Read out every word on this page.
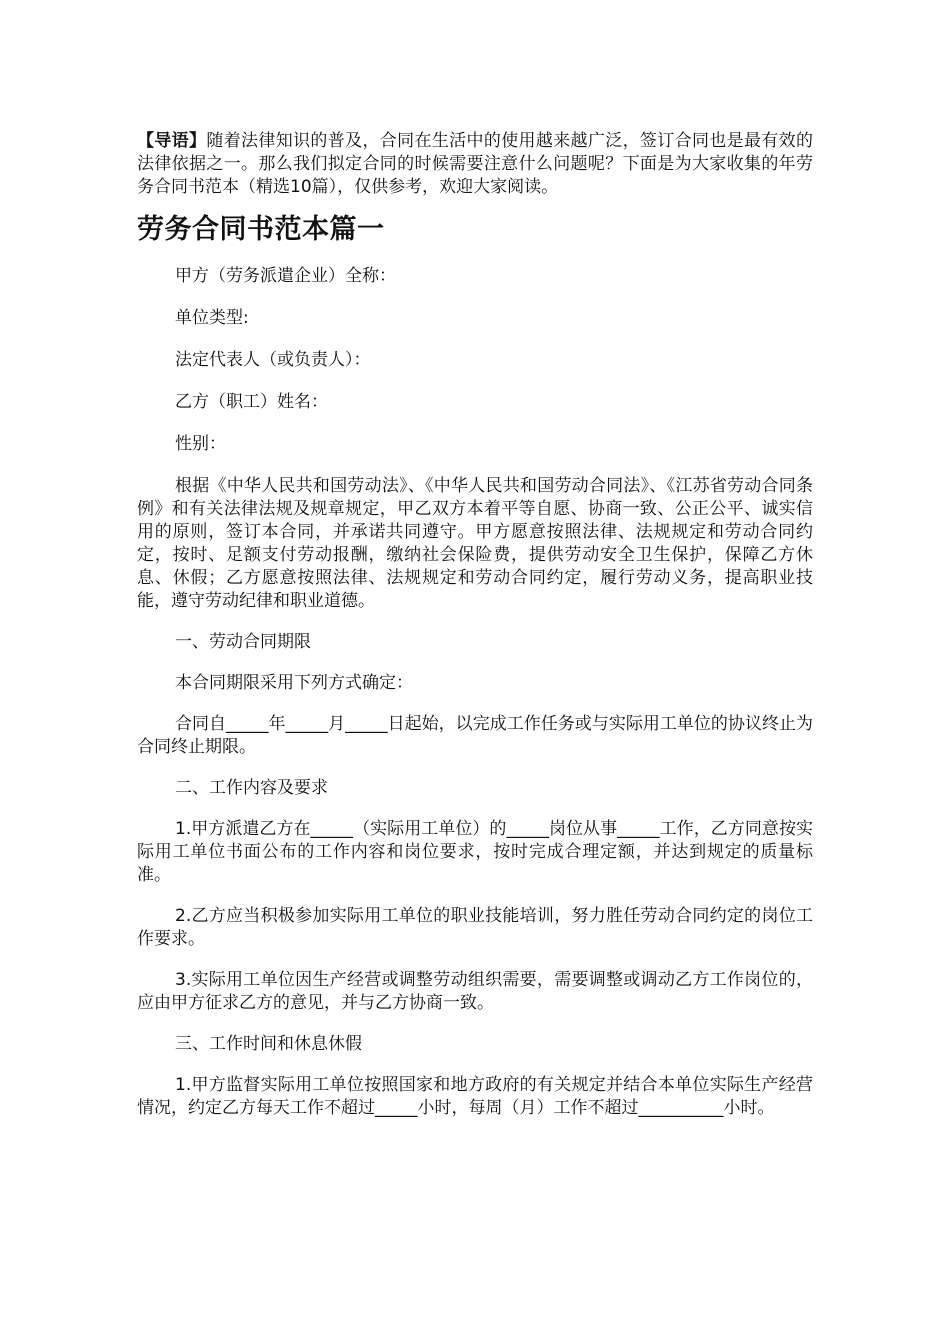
【导语】随着法律知识的普及，合同在生活中的使用越来越广泛，签订合同也是最有效的法律依据之一。那么我们拟定合同的时候需要注意什么问题呢？下面是为大家收集的年劳务合同书范本（精选10篇），仅供参考，欢迎大家阅读。

劳务合同书范本篇一

甲方（劳务派遣企业）全称：

单位类型:

法定代表人（或负责人）：

乙方（职工）姓名：

性别：

根据《中华人民共和国劳动法》、《中华人民共和国劳动合同法》、《江苏省劳动合同条例》和有关法律法规及规章规定，甲乙双方本着平等自愿、协商一致、公正公平、诚实信用的原则，签订本合同，并承诺共同遵守。甲方愿意按照法律、法规规定和劳动合同约定，按时、足额支付劳动报酬，缴纳社会保险费，提供劳动安全卫生保护，保障乙方休息、休假；乙方愿意按照法律、法规规定和劳动合同约定，履行劳动义务，提高职业技能，遵守劳动纪律和职业道德。

一、劳动合同期限

本合同期限采用下列方式确定：

合同自_____年_____月_____日起始，以完成工作任务或与实际用工单位的协议终止为合同终止期限。

二、工作内容及要求

1.甲方派遣乙方在_____（实际用工单位）的_____岗位从事_____工作，乙方同意按实际用工单位书面公布的工作内容和岗位要求，按时完成合理定额，并达到规定的质量标准。

2.乙方应当积极参加实际用工单位的职业技能培训，努力胜任劳动合同约定的岗位工作要求。

3.实际用工单位因生产经营或调整劳动组织需要，需要调整或调动乙方工作岗位的，应由甲方征求乙方的意见，并与乙方协商一致。

三、工作时间和休息休假

1.甲方监督实际用工单位按照国家和地方政府的有关规定并结合本单位实际生产经营情况，约定乙方每天工作不超过_____小时，每周（月）工作不超过__________小时。
